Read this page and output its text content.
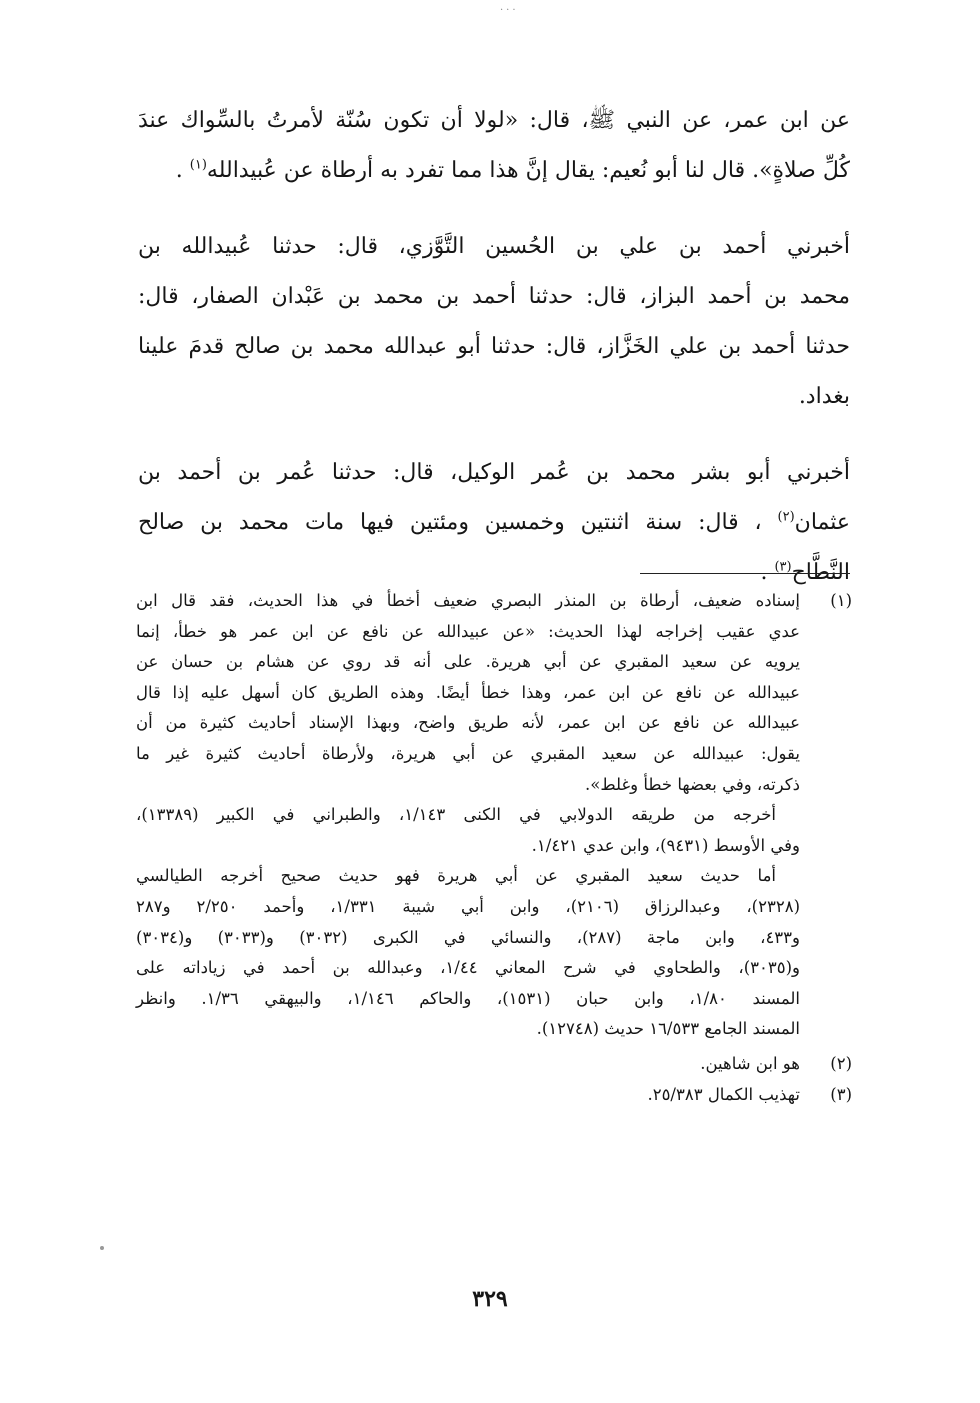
...
عن ابن عمر، عن النبي ﷺ، قال: «لولا أن تكون سُنّة لأمرتُ بالسِّواك عندَ
كُلِّ صلاةٍ». قال لنا أبو نُعيم: يقال إنَّ هذا مما تفرد به أرطاة عن عُبيدالله$^{(١)}$ .
أخبرني أحمد بن علي بن الحُسين التَّوَّزي، قال: حدثنا عُبيدالله بن
محمد بن أحمد البزاز، قال: حدثنا أحمد بن محمد بن عَبْدان الصفار، قال:
حدثنا أحمد بن علي الخَزَّاز، قال: حدثنا أبو عبدالله محمد بن صالح قدمَ علينا
بغداد.
أخبرني أبو بشر محمد بن عُمر الوكيل، قال: حدثنا عُمر بن أحمد بن
عثمان$^{(٢)}$ ، قال: سنة اثنتين وخمسين ومئتين فيها مات محمد بن صالح
النَّطَّاح$^{(٣)}$ .
(١)
إسناده ضعيف، أرطاة بن المنذر البصري ضعيف أخطأ في هذا الحديث، فقد قال ابن
عدي عقيب إخراجه لهذا الحديث: «عن عبيدالله عن نافع عن ابن عمر هو خطأ، إنما
يرويه عن سعيد المقبري عن أبي هريرة. على أنه قد روي عن هشام بن حسان عن
عبيدالله عن نافع عن ابن عمر، وهذا خطأ أيضًا. وهذه الطريق كان أسهل عليه إذا قال
عبيدالله عن نافع عن ابن عمر، لأنه طريق واضح، وبهذا الإسناد أحاديث كثيرة من أن
يقول: عبيدالله عن سعيد المقبري عن أبي هريرة، ولأرطاة أحاديث كثيرة غير ما
ذكرته، وفي بعضها خطأ وغلط».
أخرجه من طريقه الدولابي في الكنى ١/١٤٣، والطبراني في الكبير (١٣٣٨٩)،
وفي الأوسط (٩٤٣١)، وابن عدي ١/٤٢١.
أما حديث سعيد المقبري عن أبي هريرة فهو حديث صحيح أخرجه الطيالسي
(٢٣٢٨)، وعبدالرزاق (٢١٠٦)، وابن أبي شيبة ١/٣٣١، وأحمد ٢/٢٥٠ و٢٨٧
و٤٣٣، وابن ماجة (٢٨٧)، والنسائي في الكبرى (٣٠٣٢) و(٣٠٣٣) و(٣٠٣٤)
و(٣٠٣٥)، والطحاوي في شرح المعاني ١/٤٤، وعبدالله بن أحمد في زياداته على
المسند ١/٨٠، وابن حبان (١٥٣١)، والحاكم ١/١٤٦، والبيهقي ١/٣٦. وانظر
المسند الجامع ١٦/٥٣٣ حديث (١٢٧٤٨).
(٢)
هو ابن شاهين.
(٣)
تهذيب الكمال ٢٥/٣٨٣.
٣٢٩
